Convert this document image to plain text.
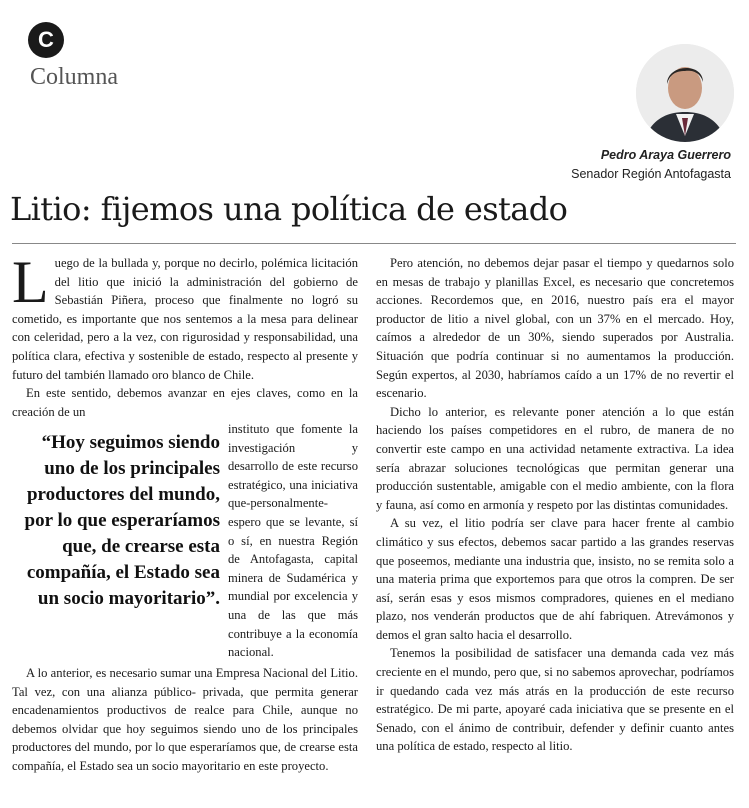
C
Columna
Pedro Araya Guerrero
Senador Región Antofagasta
Litio: fijemos una política de estado

Luego de la bullada y, porque no decirlo, polémica licitación del litio que inició la administración del gobierno de Sebastián Piñera, proceso que finalmente no logró su cometido, es importante que nos sentemos a la mesa para delinear con celeridad, pero a la vez, con rigurosidad y responsabilidad, una política clara, efectiva y sostenible de estado, respecto al presente y futuro del también llamado oro blanco de Chile.

En este sentido, debemos avanzar en ejes claves, como en la creación de un

“Hoy seguimos siendo uno de los principales productores del mundo, por lo que esperaríamos que, de crearse esta compañía, el Estado sea un socio mayoritario”.

instituto que fomente la investigación y desarrollo de este recurso estratégico, una iniciativa que-personalmente- espero que se levante, sí o sí, en nuestra Región de Antofagasta, capital minera de Sudamérica y mundial por excelencia y una de las que más contribuye a la economía nacional.

A lo anterior, es necesario sumar una Empresa Nacional del Litio. Tal vez, con una alianza público- privada, que permita generar encadenamientos productivos de realce para Chile, aunque no debemos olvidar que hoy seguimos siendo uno de los principales productores del mundo, por lo que esperaríamos que, de crearse esta compañía, el Estado sea un socio mayoritario en este proyecto.

Pero atención, no debemos dejar pasar el tiempo y quedarnos solo en mesas de trabajo y planillas Excel, es necesario que concretemos acciones. Recordemos que, en 2016, nuestro país era el mayor productor de litio a nivel global, con un 37% en el mercado. Hoy, caímos a alrededor de un 30%, siendo superados por Australia. Situación que podría continuar si no aumentamos la producción. Según expertos, al 2030, habríamos caído a un 17% de no revertir el escenario.

Dicho lo anterior, es relevante poner atención a lo que están haciendo los países competidores en el rubro, de manera de no convertir este campo en una actividad netamente extractiva. La idea sería abrazar soluciones tecnológicas que permitan generar una producción sustentable, amigable con el medio ambiente, con la flora y fauna, así como en armonía y respeto por las distintas comunidades.

A su vez, el litio podría ser clave para hacer frente al cambio climático y sus efectos, debemos sacar partido a las grandes reservas que poseemos, mediante una industria que, insisto, no se remita solo a una materia prima que exportemos para que otros la compren. De ser así, serán esas y esos mismos compradores, quienes en el mediano plazo, nos venderán productos que de ahí fabriquen. Atrevámonos y demos el gran salto hacia el desarrollo.

Tenemos la posibilidad de satisfacer una demanda cada vez más creciente en el mundo, pero que, si no sabemos aprovechar, podríamos ir quedando cada vez más atrás en la producción de este recurso estratégico. De mi parte, apoyaré cada iniciativa que se presente en el Senado, con el ánimo de contribuir, defender y definir cuanto antes una política de estado, respecto al litio.
